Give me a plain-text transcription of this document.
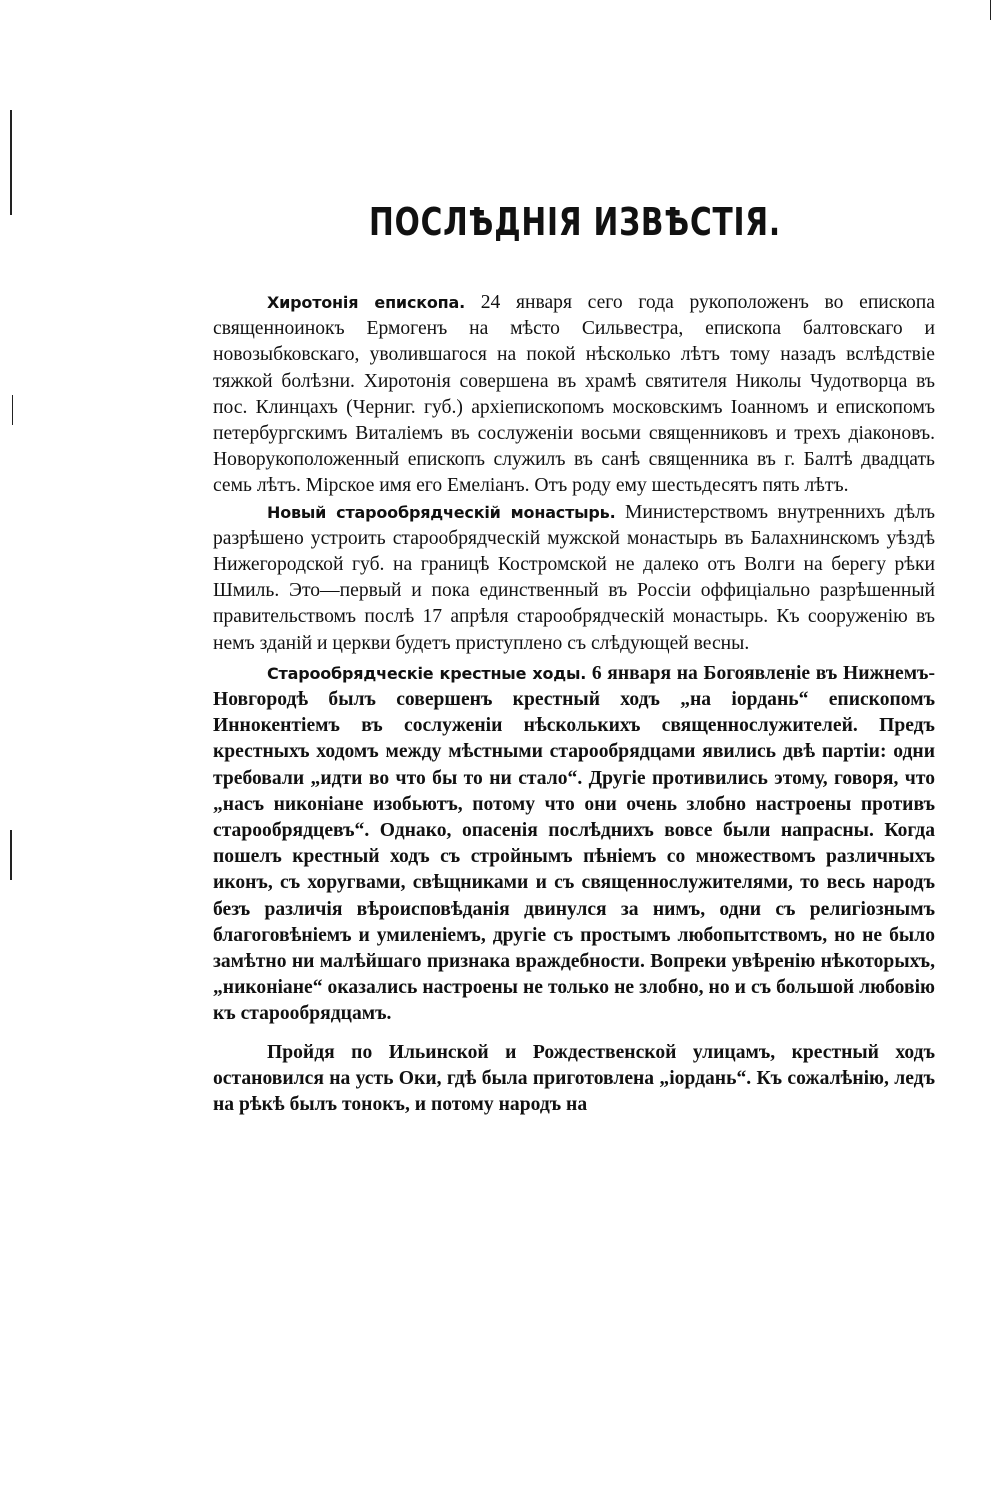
ПОСЛѢДНІЯ ИЗВѢСТІЯ.

Хиротонія епископа. 24 января сего года рукоположенъ во епископа священноинокъ Ермогенъ на мѣсто Сильвестра, епископа балтовскаго и новозыбковскаго, уволившагося на покой нѣсколько лѣтъ тому назадъ вслѣдствіе тяжкой болѣзни. Хиротонія совершена въ храмѣ святителя Николы Чудотворца въ пос. Клинцахъ (Черниг. губ.) архіепископомъ московскимъ Іоанномъ и епископомъ петербургскимъ Виталіемъ въ сослуженіи восьми священниковъ и трехъ діаконовъ. Новорукоположенный епископъ служилъ въ санѣ священника въ г. Балтѣ двадцать семь лѣтъ. Мірское имя его Емеліанъ. Отъ роду ему шестьдесятъ пять лѣтъ.

Новый старообрядческій монастырь. Министерствомъ внутреннихъ дѣлъ разрѣшено устроить старообрядческій мужской монастырь въ Балахнинскомъ уѣздѣ Нижегородской губ. на границѣ Костромской не далеко отъ Волги на берегу рѣки Шмиль. Это—первый и пока единственный въ Россіи оффиціально разрѣшенный правительствомъ послѣ 17 апрѣля старообрядческій монастырь. Къ сооруженію въ немъ зданій и церкви будетъ приступлено съ слѣдующей весны.

Старообрядческіе крестные ходы. 6 января на Богоявленіе въ Нижнемъ-Новгородѣ былъ совершенъ крестный ходъ „на іордань“ епископомъ Иннокентіемъ въ сослуженіи нѣсколькихъ священнослужителей. Предъ крестныхъ ходомъ между мѣстными старообрядцами явились двѣ партіи: одни требовали „идти во что бы то ни стало“. Другіе противились этому, говоря, что „насъ никоніане изобьютъ, потому что они очень злобно настроены противъ старообрядцевъ“. Однако, опасенія послѣднихъ вовсе были напрасны. Когда пошелъ крестный ходъ съ стройнымъ пѣніемъ со множествомъ различныхъ иконъ, съ хоругвами, свѣщниками и съ священнослужителями, то весь народъ безъ различія вѣроисповѣданія двинулся за нимъ, одни съ религіознымъ благоговѣніемъ и умиленіемъ, другіе съ простымъ любопытствомъ, но не было замѣтно ни малѣйшаго признака враждебности. Вопреки увѣренію нѣкоторыхъ, „никоніане“ оказались настроены не только не злобно, но и съ большой любовію къ старообрядцамъ.

Пройдя по Ильинской и Рождественской улицамъ, крестный ходъ остановился на усть Оки, гдѣ была приготовлена „іордань“. Къ сожалѣнію, ледъ на рѣкѣ былъ тонокъ, и потому народъ на
